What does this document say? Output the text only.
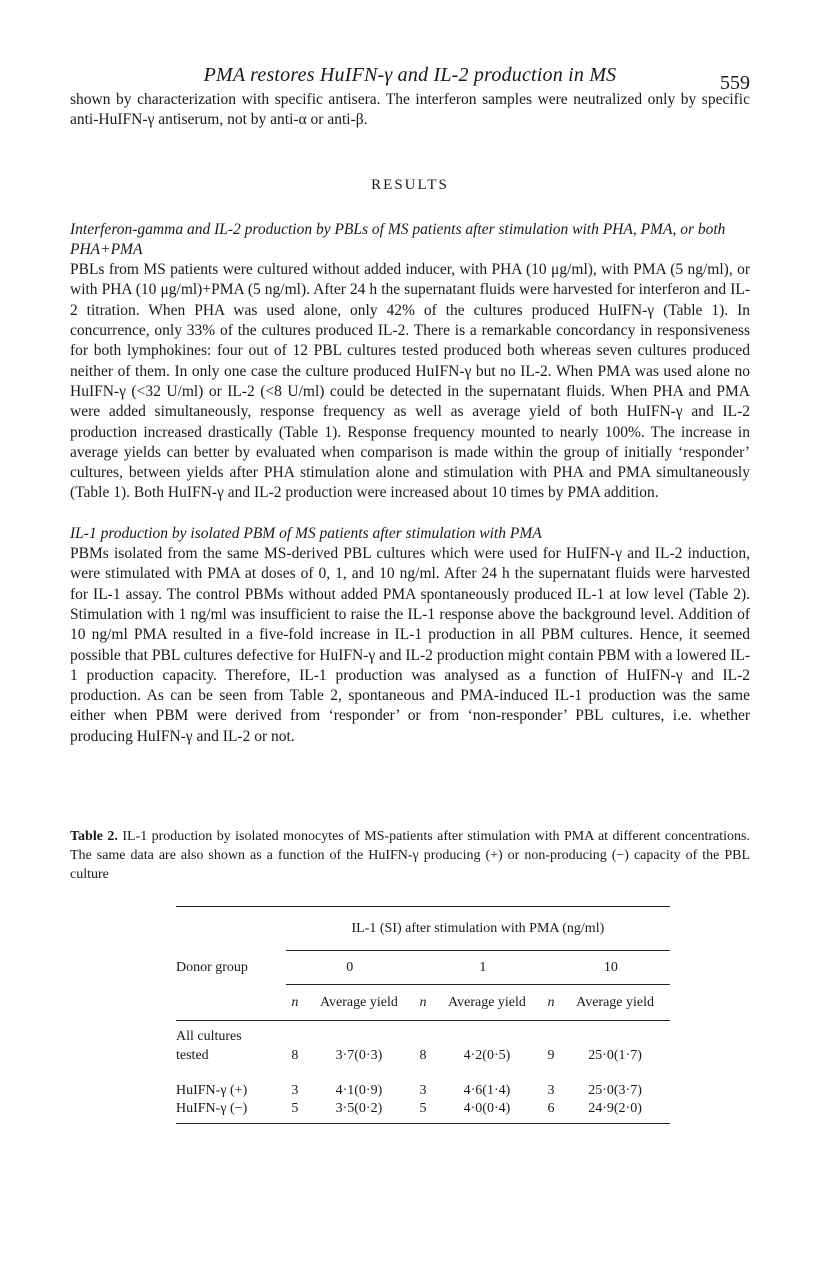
PMA restores HuIFN-γ and IL-2 production in MS	559

shown by characterization with specific antisera. The interferon samples were neutralized only by specific anti-HuIFN-γ antiserum, not by anti-α or anti-β.

RESULTS

Interferon-gamma and IL-2 production by PBLs of MS patients after stimulation with PHA, PMA, or both PHA+PMA

PBLs from MS patients were cultured without added inducer, with PHA (10 μg/ml), with PMA (5 ng/ml), or with PHA (10 μg/ml)+PMA (5 ng/ml). After 24 h the supernatant fluids were harvested for interferon and IL-2 titration. When PHA was used alone, only 42% of the cultures produced HuIFN-γ (Table 1). In concurrence, only 33% of the cultures produced IL-2. There is a remarkable concordancy in responsiveness for both lymphokines: four out of 12 PBL cultures tested produced both whereas seven cultures produced neither of them. In only one case the culture produced HuIFN-γ but no IL-2. When PMA was used alone no HuIFN-γ (<32 U/ml) or IL-2 (<8 U/ml) could be detected in the supernatant fluids. When PHA and PMA were added simultaneously, response frequency as well as average yield of both HuIFN-γ and IL-2 production increased drastically (Table 1). Response frequency mounted to nearly 100%. The increase in average yields can better by evaluated when comparison is made within the group of initially ‘responder’ cultures, between yields after PHA stimulation alone and stimulation with PHA and PMA simultaneously (Table 1). Both HuIFN-γ and IL-2 production were increased about 10 times by PMA addition.

IL-1 production by isolated PBM of MS patients after stimulation with PMA

PBMs isolated from the same MS-derived PBL cultures which were used for HuIFN-γ and IL-2 induction, were stimulated with PMA at doses of 0, 1, and 10 ng/ml. After 24 h the supernatant fluids were harvested for IL-1 assay. The control PBMs without added PMA spontaneously produced IL-1 at low level (Table 2). Stimulation with 1 ng/ml was insufficient to raise the IL-1 response above the background level. Addition of 10 ng/ml PMA resulted in a five-fold increase in IL-1 production in all PBM cultures. Hence, it seemed possible that PBL cultures defective for HuIFN-γ and IL-2 production might contain PBM with a lowered IL-1 production capacity. Therefore, IL-1 production was analysed as a function of HuIFN-γ and IL-2 production. As can be seen from Table 2, spontaneous and PMA-induced IL-1 production was the same either when PBM were derived from ‘responder’ or from ‘non-responder’ PBL cultures, i.e. whether producing HuIFN-γ and IL-2 or not.

Table 2. IL-1 production by isolated monocytes of MS-patients after stimulation with PMA at different concentrations. The same data are also shown as a function of the HuIFN-γ producing (+) or non-producing (−) capacity of the PBL culture

	IL-1 (SI) after stimulation with PMA (ng/ml)					
Donor group	0		1		10	
	n	Average yield	n	Average yield	n	Average yield
All cultures						
tested	8	3·7(0·3)	8	4·2(0·5)	9	25·0(1·7)

HuIFN-γ (+)	3	4·1(0·9)	3	4·6(1·4)	3	25·0(3·7)
HuIFN-γ (−)	5	3·5(0·2)	5	4·0(0·4)	6	24·9(2·0)
